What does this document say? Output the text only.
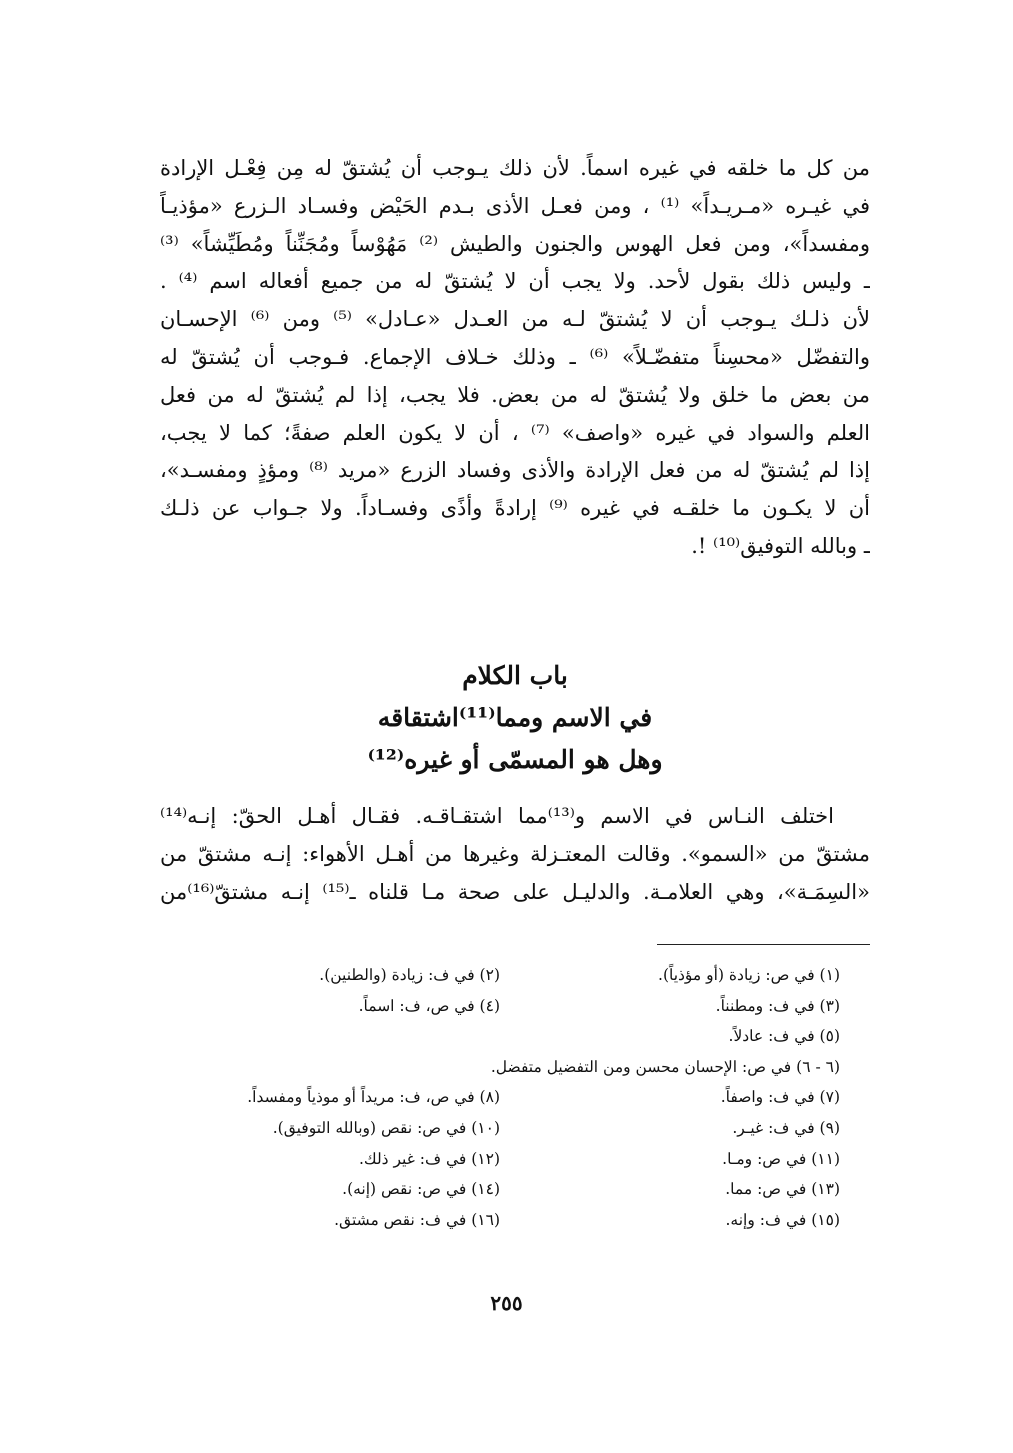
من كل ما خلقه في غيره اسماً. لأن ذلك يـوجب أن يُشتقّ له مِن فِعْـل الإرادة
في غيـره «مـريـداً» ⁽¹⁾ ، ومن فعـل الأذى بـدم الحَيْض وفسـاد الـزرع «مؤذيـاً
ومفسداً»، ومن فعل الهوس والجنون والطيش ⁽²⁾ مَهُوْساً ومُجَنِّناً ومُطَيِّشاً» ⁽³⁾
ـ وليس ذلك بقول لأحد. ولا يجب أن لا يُشتقّ له من جميع أفعاله اسم ⁽⁴⁾ .
لأن ذلـك يـوجب أن لا يُشتقّ لـه من العـدل «عـادل» ⁽⁵⁾ ومن ⁽⁶⁾ الإحسـان
والتفضّل «محسِناً متفضّـلاً» ⁽⁶⁾ ـ وذلك خـلاف الإجماع. فـوجب أن يُشتقّ له
من بعض ما خلق ولا يُشتقّ له من بعض. فلا يجب، إذا لم يُشتقّ له من فعل
العلم والسواد في غيره «واصف» ⁽⁷⁾ ، أن لا يكون العلم صفةً؛ كما لا يجب،
إذا لم يُشتقّ له من فعل الإرادة والأذى وفساد الزرع «مريد ⁽⁸⁾ ومؤذٍ ومفسـد»،
أن لا يكـون ما خلقـه في غيره ⁽⁹⁾ إرادةً وأذًى وفسـاداً. ولا جـواب عن ذلـك
ـ وبالله التوفيق⁽¹⁰⁾ !.
باب الكلام
في الاسم ومما⁽¹¹⁾اشتقاقه
وهل هو المسمّى أو غيره⁽¹²⁾
اختلف النـاس في الاسم و⁽¹³⁾مما اشتقـاقـه. فقـال أهـل الحقّ: إنـه⁽¹⁴⁾
مشتقّ من «السمو». وقالت المعتـزلة وغيرها من أهـل الأهواء: إنـه مشتقّ من
«السِمَـة»، وهي العلامـة. والدليـل على صحة مـا قلناه ـ⁽¹⁵⁾ إنـه مشتقّ⁽¹⁶⁾من
(١) في ص: زيادة (أو مؤذياً).
(٢) في ف: زيادة (والطنين).
(٣) في ف: ومطنناً.
(٤) في ص، ف: اسماً.
(٥) في ف: عادلاً.
(٦ - ٦) في ص: الإحسان محسن ومن التفضيل متفضل.
(٧) في ف: واصفاً.
(٨) في ص، ف: مريداً أو موذياً ومفسداً.
(٩) في ف: غيـر.
(١٠) في ص: نقص (وبالله التوفيق).
(١١) في ص: ومـا.
(١٢) في ف: غير ذلك.
(١٣) في ص: مما.
(١٤) في ص: نقص (إنه).
(١٥) في ف: وإنه.
(١٦) في ف: نقص مشتق.
٢٥٥
